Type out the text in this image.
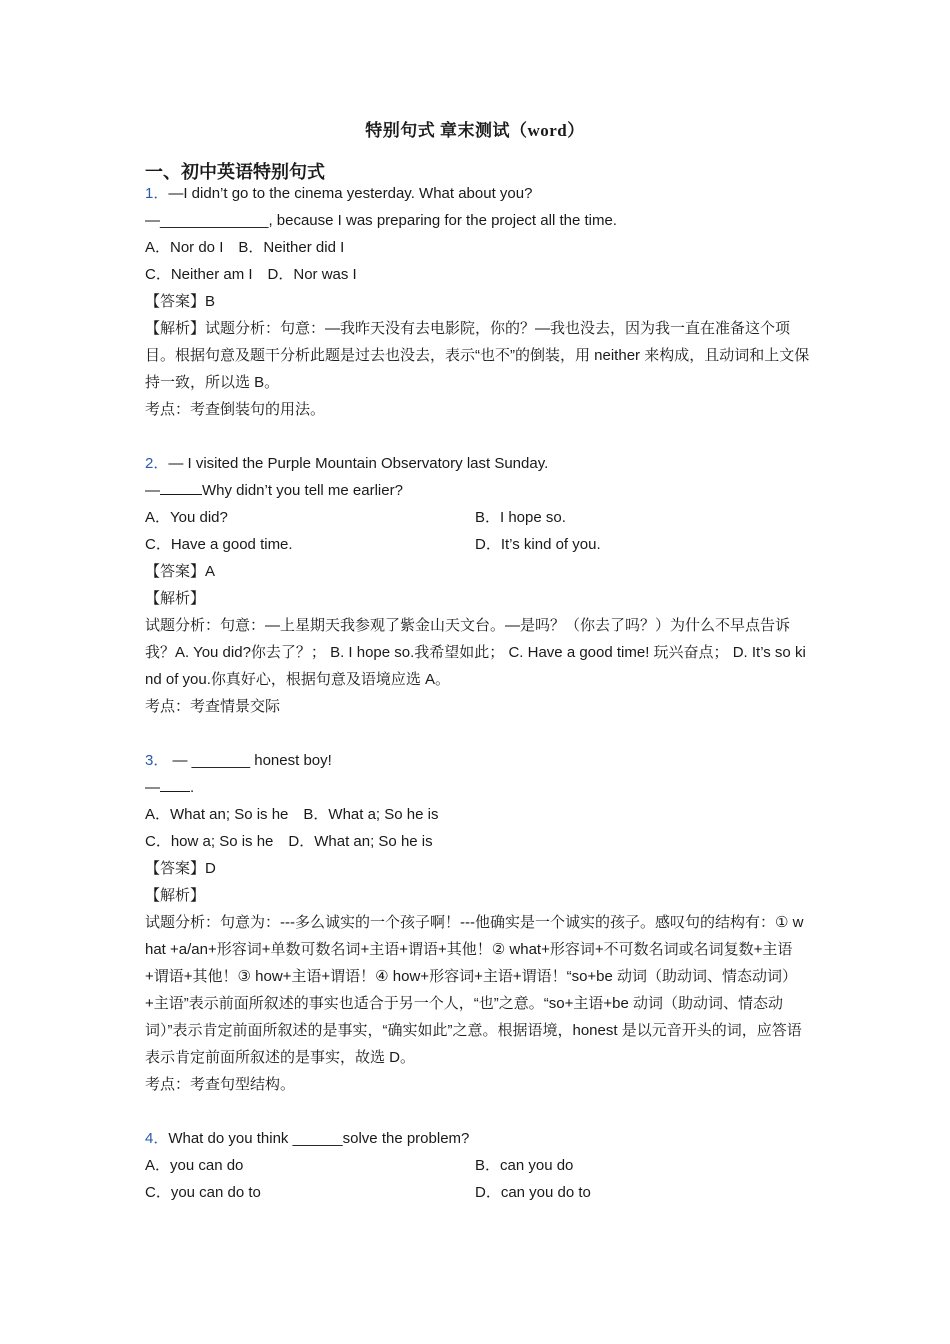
特别句式 章末测试（word）
一、初中英语特别句式
1．—I didn’t go to the cinema yesterday. What about you?
—_____________, because I was preparing for the project all the time.
A．Nor do I　B．Neither did I
C．Neither am I　D．Nor was I
【答案】B
【解析】试题分析：句意：—我昨天没有去电影院，你的？—我也没去，因为我一直在准备这个项目。根据句意及题干分析此题是过去也没去，表示“也不”的倒装，用 neither 来构成，且动词和上文保持一致，所以选 B。
考点：考查倒装句的用法。
2．— I visited the Purple Mountain Observatory last Sunday.
—	Why didn’t you tell me earlier?
A．You did?	B．I hope so.
C．Have a good time.	D．It’s kind of you.
【答案】A
【解析】
试题分析：句意：—上星期天我参观了紫金山天文台。—是吗？（你去了吗？）为什么不早点告诉我？A. You did?你去了？； B. I hope so.我希望如此； C. Have a good time! 玩兴奋点； D. It’s so kind of you.你真好心，根据句意及语境应选 A。
考点：考查情景交际
3． — _______ honest boy!
— .
A．What an; So is he　B．What a; So he is
C．how a; So is he　D．What an; So he is
【答案】D
【解析】
试题分析：句意为：---多么诚实的一个孩子啊！---他确实是一个诚实的孩子。感叹句的结构有：① what +a/an+形容词+单数可数名词+主语+谓语+其他！② what+形容词+不可数名词或名词复数+主语+谓语+其他！③ how+主语+谓语！④ how+形容词+主语+谓语！“so+be 动词（助动词、情态动词）+主语”表示前面所叙述的事实也适合于另一个人，“也”之意。“so+主语+be 动词（助动词、情态动词）”表示肯定前面所叙述的是事实，“确实如此”之意。根据语境，honest 是以元音开头的词，应答语表示肯定前面所叙述的是事实，故选 D。
考点：考查句型结构。
4．What do you think ______solve the problem?
A．you can do	B．can you do
C．you can do to	D．can you do to
